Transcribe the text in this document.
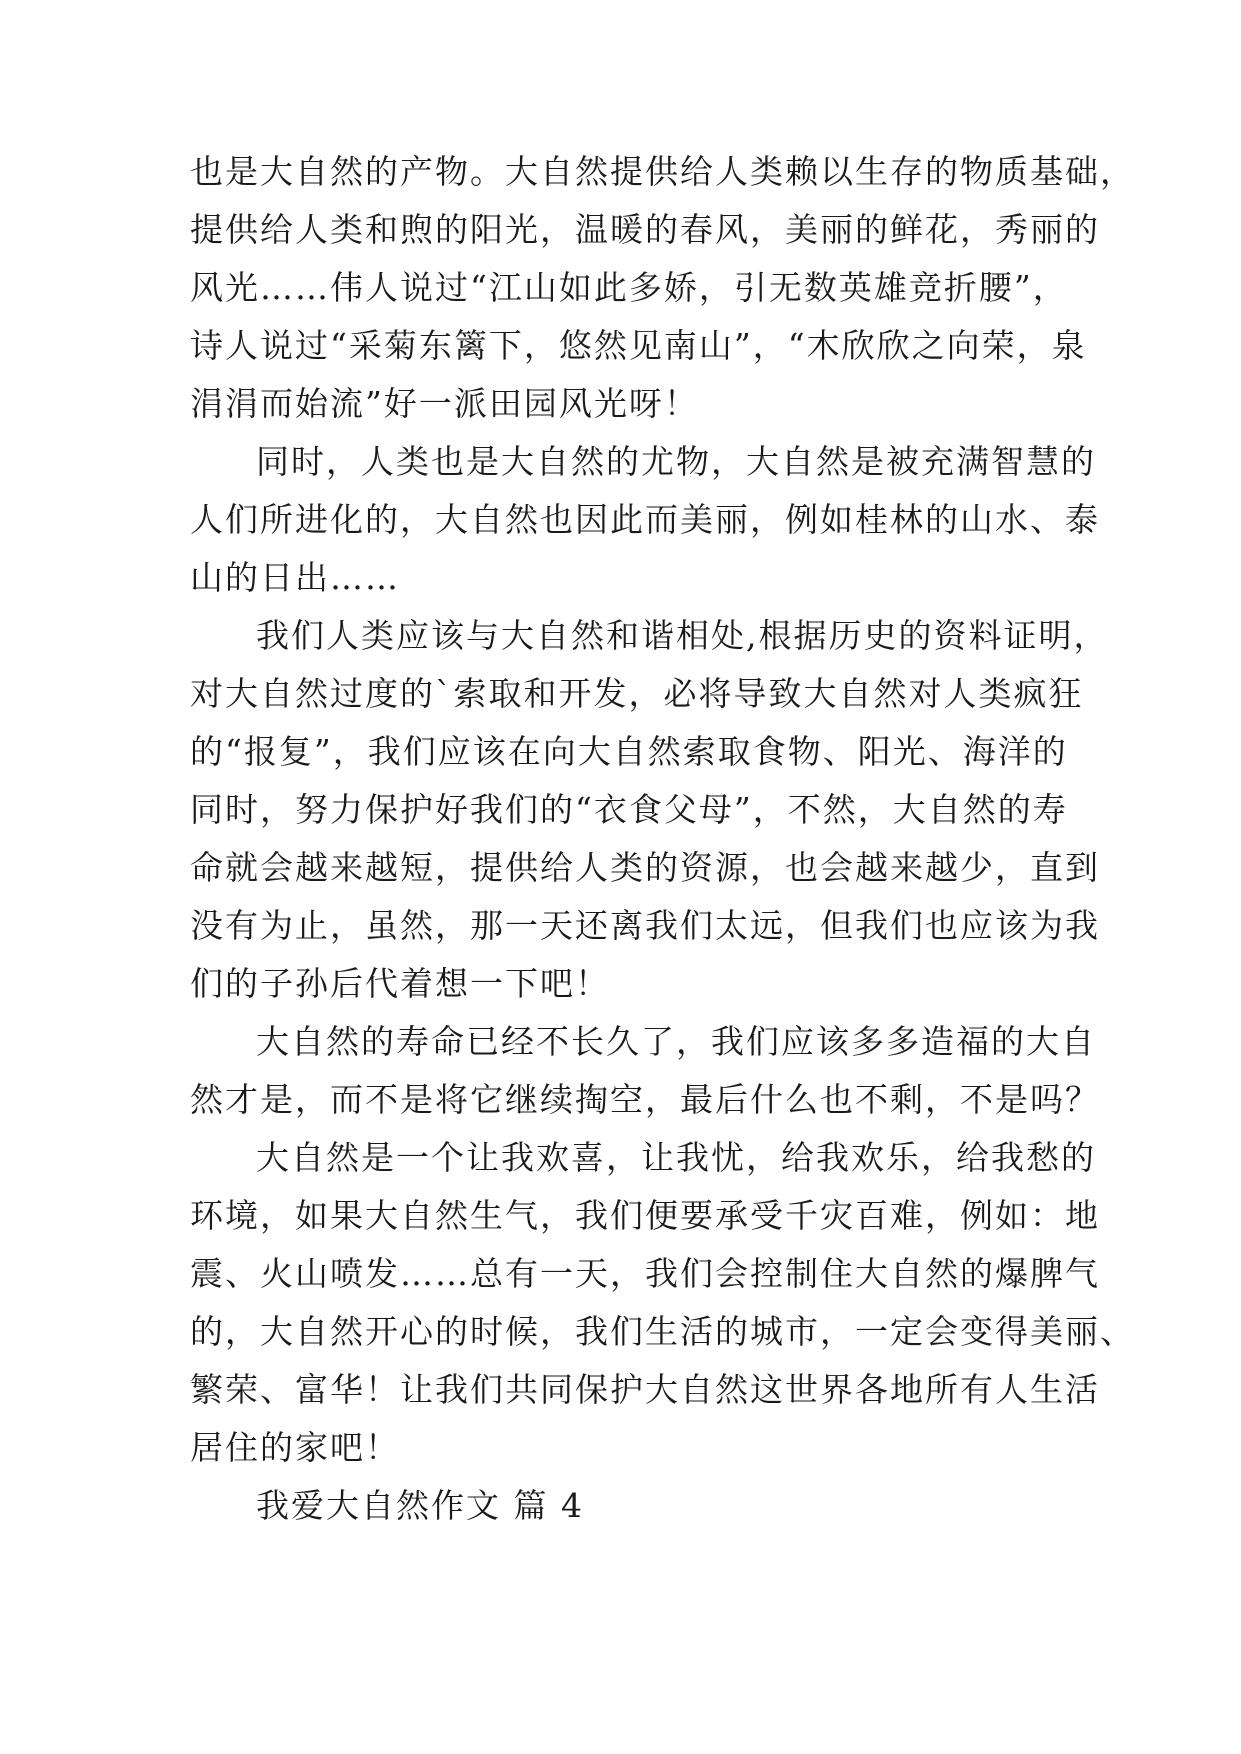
也是大自然的产物。大自然提供给人类赖以生存的物质基础，
提供给人类和煦的阳光，温暖的春风，美丽的鲜花，秀丽的
风光……伟人说过“江山如此多娇，引无数英雄竞折腰”，
诗人说过“采菊东篱下，悠然见南山”，“木欣欣之向荣，泉
涓涓而始流”好一派田园风光呀！
同时，人类也是大自然的尤物，大自然是被充满智慧的
人们所进化的，大自然也因此而美丽，例如桂林的山水、泰
山的日出……
我们人类应该与大自然和谐相处,根据历史的资料证明，
对大自然过度的`索取和开发，必将导致大自然对人类疯狂
的“报复”，我们应该在向大自然索取食物、阳光、海洋的
同时，努力保护好我们的“衣食父母”，不然，大自然的寿
命就会越来越短，提供给人类的资源，也会越来越少，直到
没有为止，虽然，那一天还离我们太远，但我们也应该为我
们的子孙后代着想一下吧！
大自然的寿命已经不长久了，我们应该多多造福的大自
然才是，而不是将它继续掏空，最后什么也不剩，不是吗？
大自然是一个让我欢喜，让我忧，给我欢乐，给我愁的
环境，如果大自然生气，我们便要承受千灾百难，例如：地
震、火山喷发……总有一天，我们会控制住大自然的爆脾气
的，大自然开心的时候，我们生活的城市，一定会变得美丽、
繁荣、富华！让我们共同保护大自然这世界各地所有人生活
居住的家吧！
我爱大自然作文 篇 4
